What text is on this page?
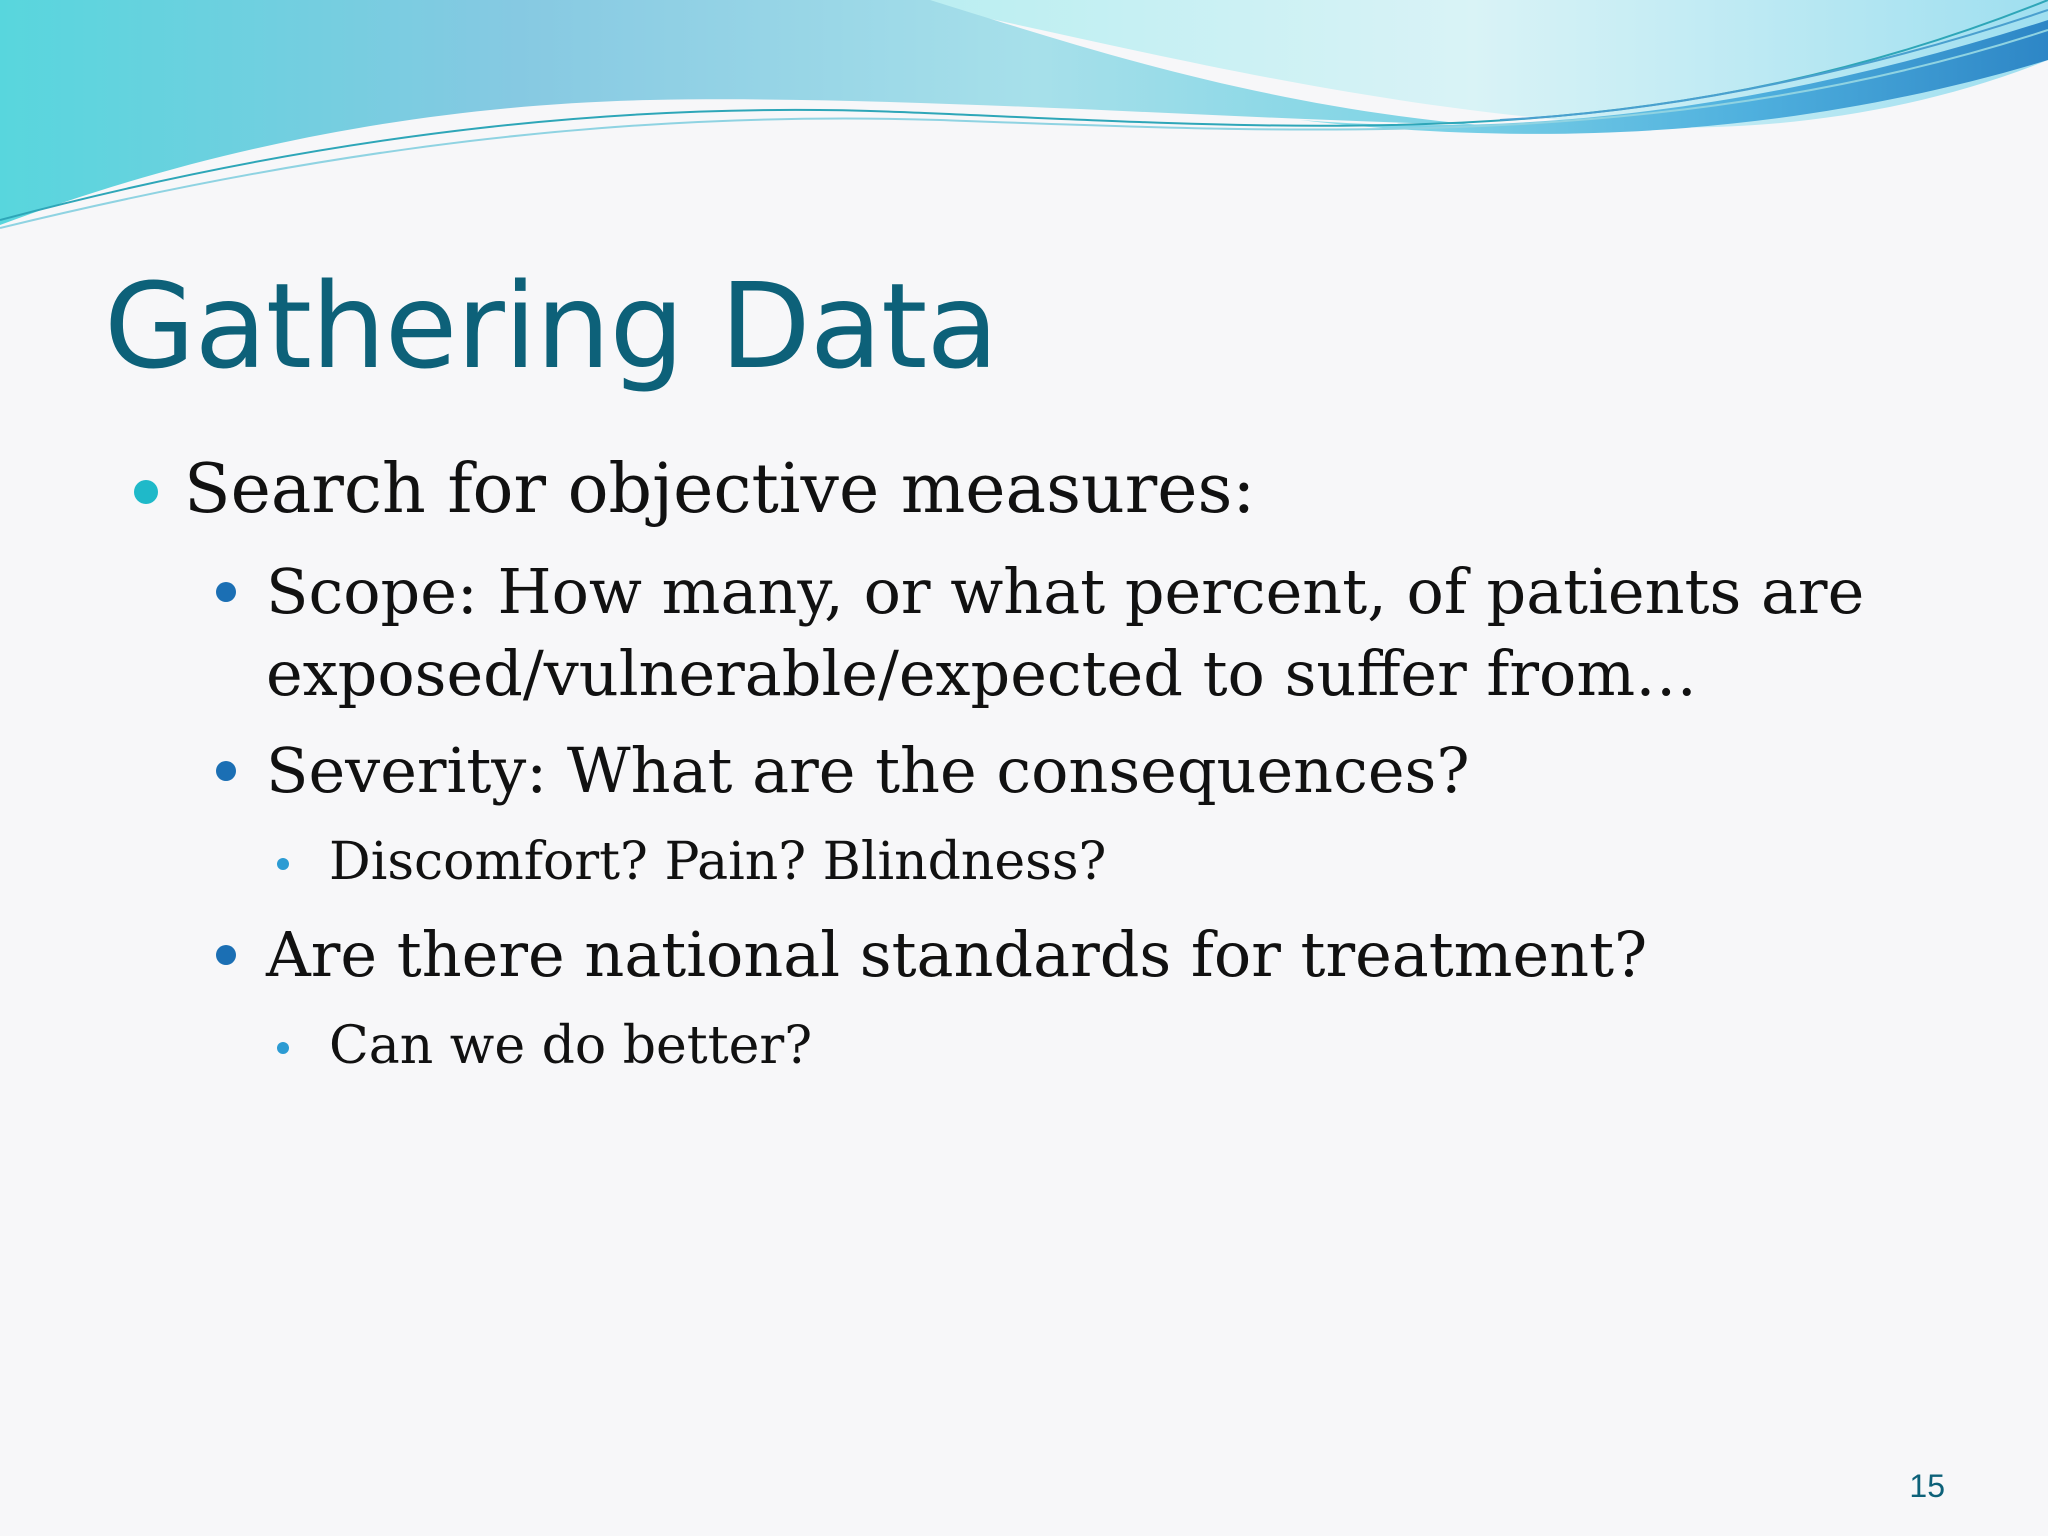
Gathering Data
Search for objective measures:
Scope: How many, or what percent, of patients are
exposed/vulnerable/expected to suffer from…
Severity: What are the consequences?
Discomfort? Pain? Blindness?
Are there national standards for treatment?
Can we do better?
15
